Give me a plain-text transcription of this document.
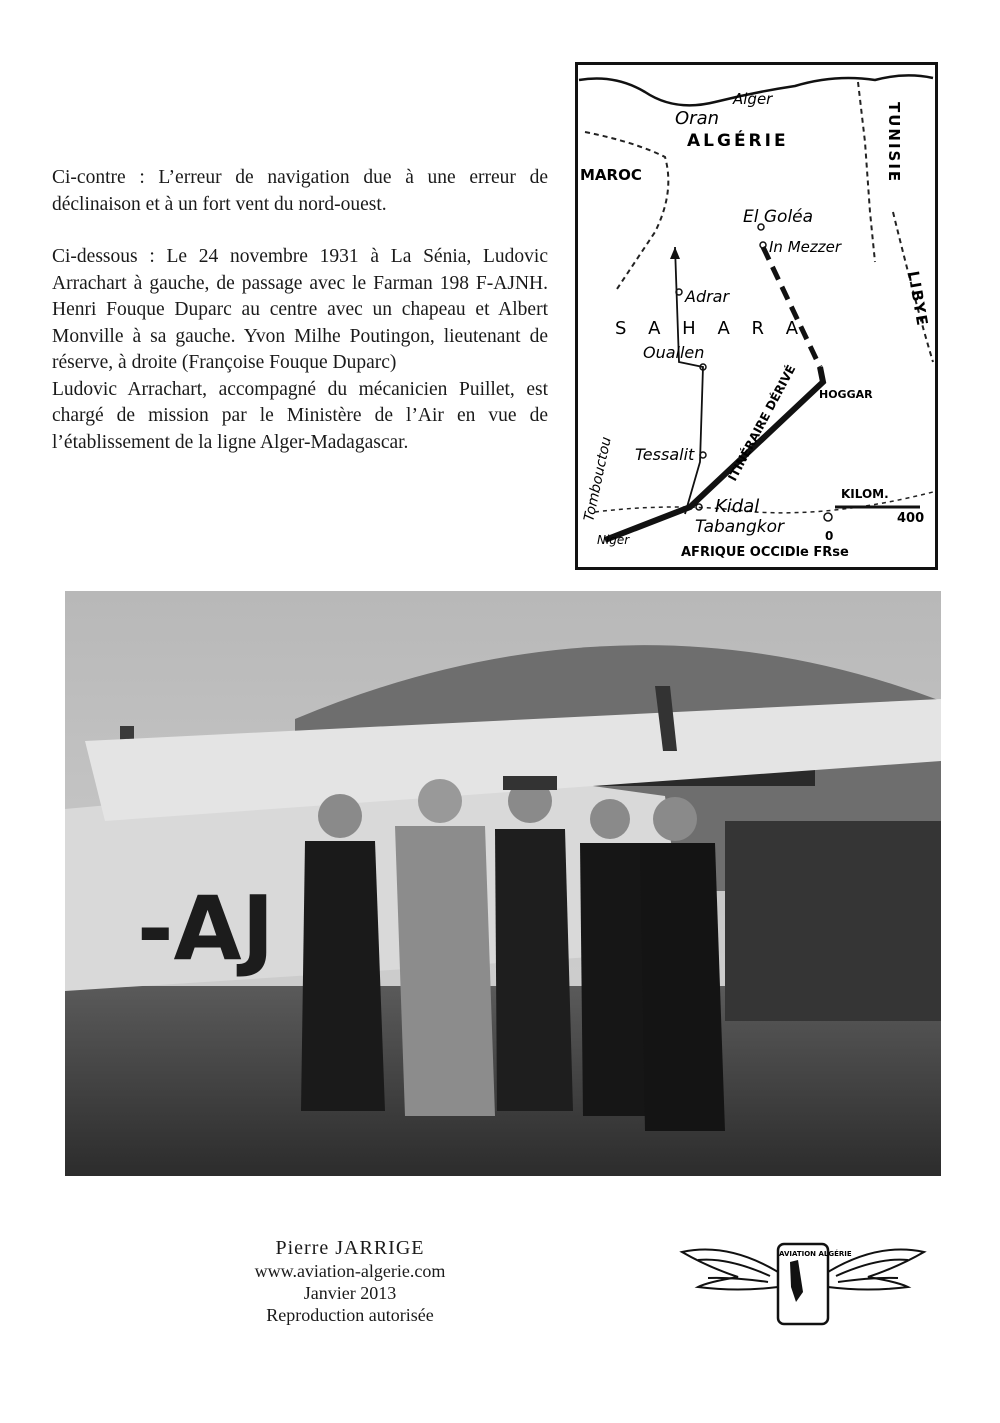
Ci-contre : L’erreur de navigation due à une erreur de déclinaison et à un fort vent du nord-ouest.

Ci-dessous : Le 24 novembre 1931 à La Sénia, Ludovic Arrachart à gauche, de passage avec le Farman 198 F-AJNH. Henri Fouque Duparc au centre avec un chapeau et Albert Monville à sa gauche. Yvon Milhe Poutingon, lieutenant de réserve, à droite (Françoise Fouque Duparc)

Ludovic Arrachart, accompagné du mécanicien Puillet, est chargé de mission par le Ministère de l’Air en vue de l’établissement de la ligne Alger-Madagascar.

Alger
Oran
ALGÉRIE
MAROC	TUNISIE
LIBYE
El Goléa
In Mezzer
Adrar
S A H A R A
Ouallen
HOGGAR
Tombouctou Tessalit	ITINÉRAIRE DÉRIVÉ
Kidal
Tabangkor
KILOM.
0
400
Niger
AFRIQUE OCCIDle FRse
-AJ
Pierre JARRIGE
www.aviation-algerie.com
Janvier 2013
Reproduction autorisée
AVIATION ALGÉRIE
